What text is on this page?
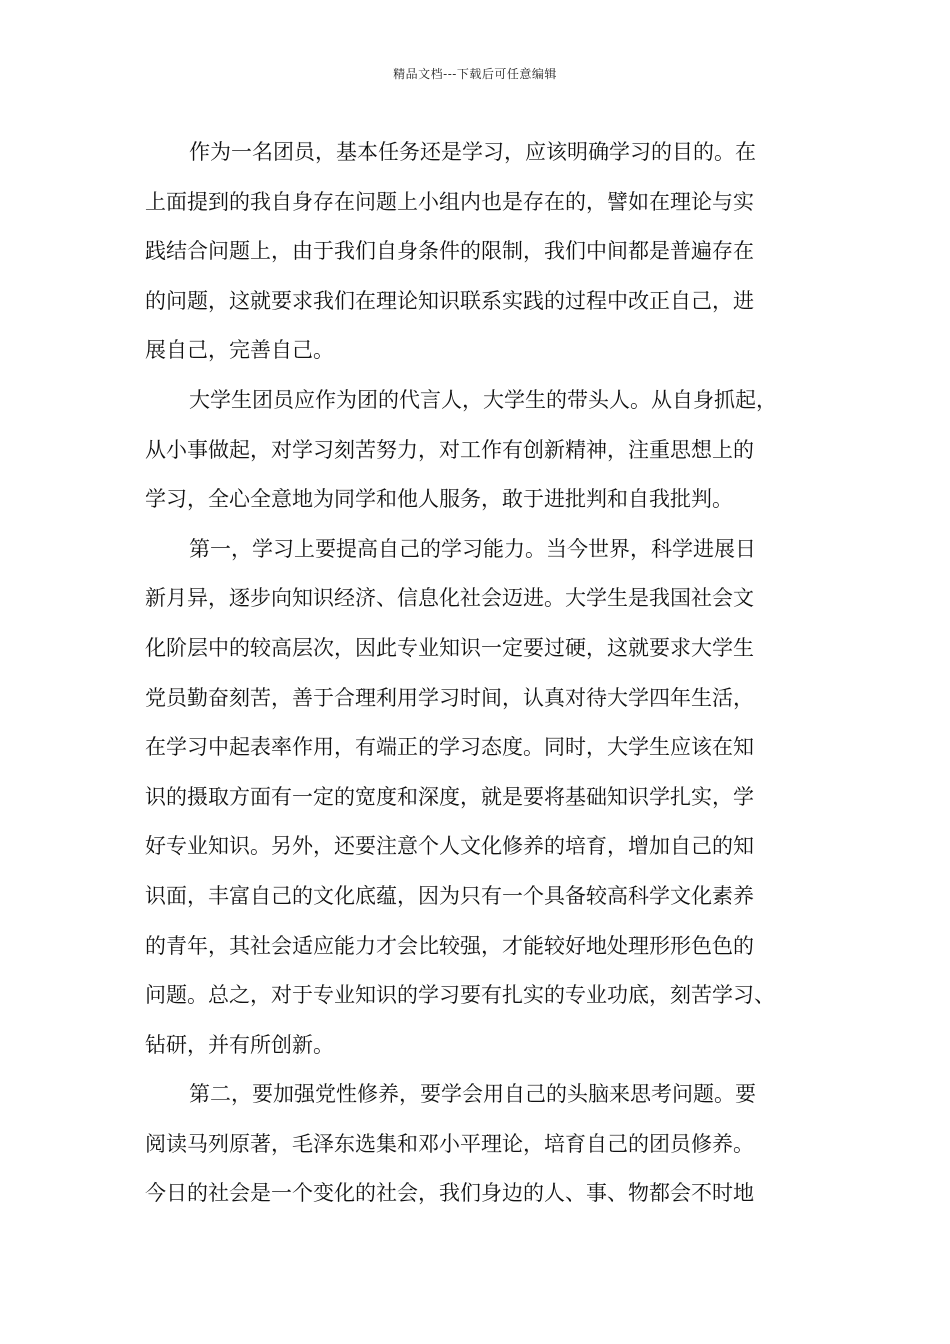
精品文档---下载后可任意编辑
作为一名团员，基本任务还是学习，应该明确学习的目的。在
上面提到的我自身存在问题上小组内也是存在的，譬如在理论与实
践结合问题上，由于我们自身条件的限制，我们中间都是普遍存在
的问题，这就要求我们在理论知识联系实践的过程中改正自己，进
展自己，完善自己。
大学生团员应作为团的代言人，大学生的带头人。从自身抓起，
从小事做起，对学习刻苦努力，对工作有创新精神，注重思想上的
学习，全心全意地为同学和他人服务，敢于进批判和自我批判。
第一，学习上要提高自己的学习能力。当今世界，科学进展日
新月异，逐步向知识经济、信息化社会迈进。大学生是我国社会文
化阶层中的较高层次，因此专业知识一定要过硬，这就要求大学生
党员勤奋刻苦，善于合理利用学习时间，认真对待大学四年生活，
在学习中起表率作用，有端正的学习态度。同时，大学生应该在知
识的摄取方面有一定的宽度和深度，就是要将基础知识学扎实，学
好专业知识。另外，还要注意个人文化修养的培育，增加自己的知
识面，丰富自己的文化底蕴，因为只有一个具备较高科学文化素养
的青年，其社会适应能力才会比较强，才能较好地处理形形色色的
问题。总之，对于专业知识的学习要有扎实的专业功底，刻苦学习、
钻研，并有所创新。
第二，要加强党性修养，要学会用自己的头脑来思考问题。要
阅读马列原著，毛泽东选集和邓小平理论，培育自己的团员修养。
今日的社会是一个变化的社会，我们身边的人、事、物都会不时地
